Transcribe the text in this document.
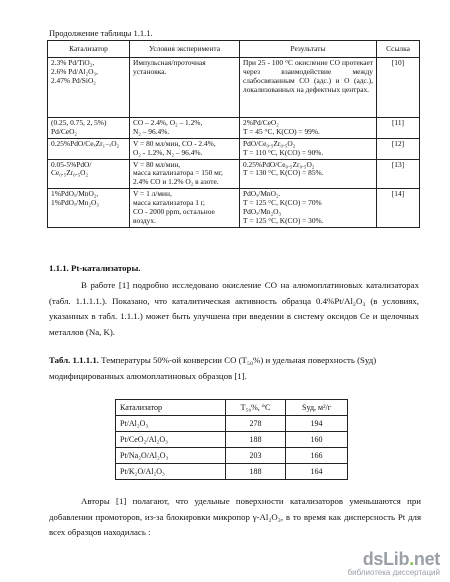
Продолжение таблицы 1.1.1.
Катализатор	Условия эксперимента	Результаты	Ссылка
2.3% Pd/TiO₂,
2.6% Pd/Al₂O₃,
2.47% Pd/SiO₂	Импульсная/проточная установка.	При 25 - 100 °C окисление CO протекает через взаимодействие между слабосвязанным CO (адс.) и O (адс.), локализованных на дефектных центрах.	[10]
(0.25, 0.75, 2, 5%)
Pd/CeO₂	CO – 2.4%, O₂ – 1.2%,
N₂ – 96.4%.	2%Pd/CeO₂
T = 45 °C, K(CO) = 99%.	[11]
0.25%PdO/CeₓZr₁₋ₓO₂	V = 80 мл/мин, CO - 2.4%,
O₂ - 1.2%, N₂ – 96.4%.	PdO/Ce₀.₅Zr₀.₅O₂
T = 110 °C, K(CO) = 90%.	[12]
0.05-5%PdO/
Ce₀.₅Zr₀.₅O₂	V = 80 мл/мин,
масса катализатора = 150 мг, 2.4% CO и 1.2% O₂ в азоте.	0.25%PdO/Ce₀.₅Zr₀.₅O₂
T = 130 °C, K(CO) = 85%.	[13]
1%PdOₓ/MnO₂,
1%PdOₓ/Mn₂O₃	V = 1 л/мин,
масса катализатора 1 г,
CO - 2000 ppm, остальное воздух.	PdOₓ/MnO₂.
T = 125 °C, K(CO) = 70%
PdOₓ/Mn₂O₃
T = 125 °C, K(CO) = 30%.	[14]
1.1.1. Pt-катализаторы.

В работе [1] подробно исследовано окисление CO на алюмоплатиновых катализаторах (табл. 1.1.1.1.). Показано, что каталитическая активность образца 0.4%Pt/Al₂O₃ (в условиях, указанных в табл. 1.1.1.) может быть улучшена при введении в систему оксидов Ce и щелочных металлов (Na, K).

Табл. 1.1.1.1. Температуры 50%-ой конверсии CO (T₅₀%) и удельная поверхность (Sуд) модифицированных алюмоплатиновых образцов [1].

Катализатор	T₅₀%, °C	Sуд, м²/г
Pt/Al₂O₃	278	194
Pt/CeO₂/Al₂O₃	188	160
Pt/Na₂O/Al₂O₃	203	166
Pt/K₂O/Al₂O₃	188	164

Авторы [1] полагают, что удельные поверхности катализаторов уменьшаются при добавлении промоторов, из-за блокировки микропор γ-Al₂O₃, в то время как дисперсность Pt для всех образцов находилась :

dsLib.net
библиотека диссертаций
